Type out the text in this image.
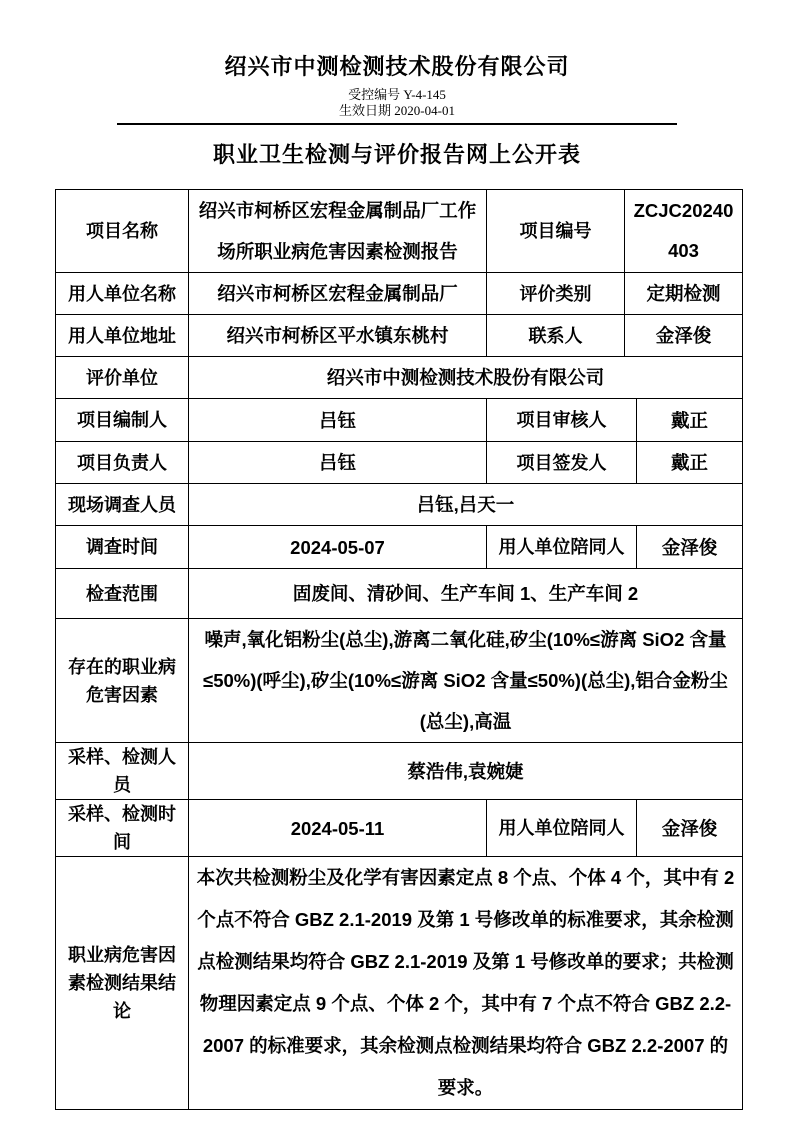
绍兴市中测检测技术股份有限公司
受控编号 Y-4-145
生效日期 2020-04-01
职业卫生检测与评价报告网上公开表
项目名称	绍兴市柯桥区宏程金属制品厂工作场所职业病危害因素检测报告	项目编号	ZCJC20240403	
用人单位名称	绍兴市柯桥区宏程金属制品厂	评价类别	定期检测	
用人单位地址	绍兴市柯桥区平水镇东桃村	联系人	金泽俊	
评价单位	绍兴市中测检测技术股份有限公司			
项目编制人	吕钰	项目审核人		戴正
项目负责人	吕钰	项目签发人		戴正
现场调查人员	吕钰,吕天一			
调查时间	2024-05-07	用人单位陪同人		金泽俊
检查范围	固废间、清砂间、生产车间 1、生产车间 2			
存在的职业病危害因素	噪声,氧化铝粉尘(总尘),游离二氧化硅,矽尘(10%≤游离 SiO2 含量≤50%)(呼尘),矽尘(10%≤游离 SiO2 含量≤50%)(总尘),铝合金粉尘(总尘),高温			
采样、检测人员	蔡浩伟,袁婉婕			
采样、检测时间	2024-05-11	用人单位陪同人		金泽俊
职业病危害因素检测结果结论	本次共检测粉尘及化学有害因素定点 8 个点、个体 4 个，其中有 2 个点不符合 GBZ 2.1-2019 及第 1 号修改单的标准要求，其余检测点检测结果均符合 GBZ 2.1-2019 及第 1 号修改单的要求；共检测物理因素定点 9 个点、个体 2 个，其中有 7 个点不符合 GBZ 2.2-2007 的标准要求，其余检测点检测结果均符合 GBZ 2.2-2007 的要求。			
